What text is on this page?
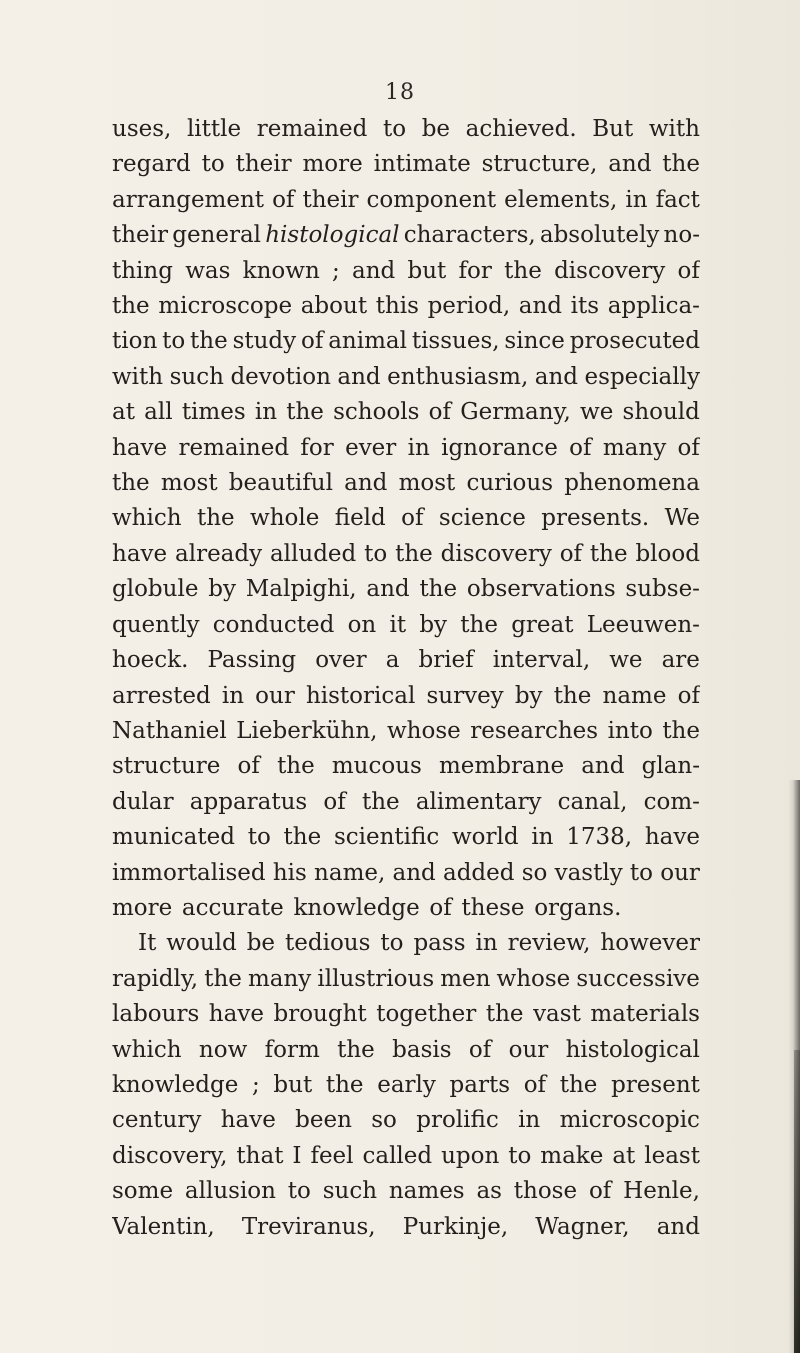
18
uses, little remained to be achieved. But with
regard to their more intimate structure, and the
arrangement of their component elements, in fact
their general histological characters, absolutely no-
thing was known ; and but for the discovery of
the microscope about this period, and its applica-
tion to the study of animal tissues, since prosecuted
with such devotion and enthusiasm, and especially
at all times in the schools of Germany, we should
have remained for ever in ignorance of many of
the most beautiful and most curious phenomena
which the whole field of science presents. We
have already alluded to the discovery of the blood
globule by Malpighi, and the observations subse-
quently conducted on it by the great Leeuwen-
hoeck. Passing over a brief interval, we are
arrested in our historical survey by the name of
Nathaniel Lieberkühn, whose researches into the
structure of the mucous membrane and glan-
dular apparatus of the alimentary canal, com-
municated to the scientific world in 1738, have
immortalised his name, and added so vastly to our
more accurate knowledge of these organs.
It would be tedious to pass in review, however
rapidly, the many illustrious men whose successive
labours have brought together the vast materials
which now form the basis of our histological
knowledge ; but the early parts of the present
century have been so prolific in microscopic
discovery, that I feel called upon to make at least
some allusion to such names as those of Henle,
Valentin, Treviranus, Purkinje, Wagner, and
